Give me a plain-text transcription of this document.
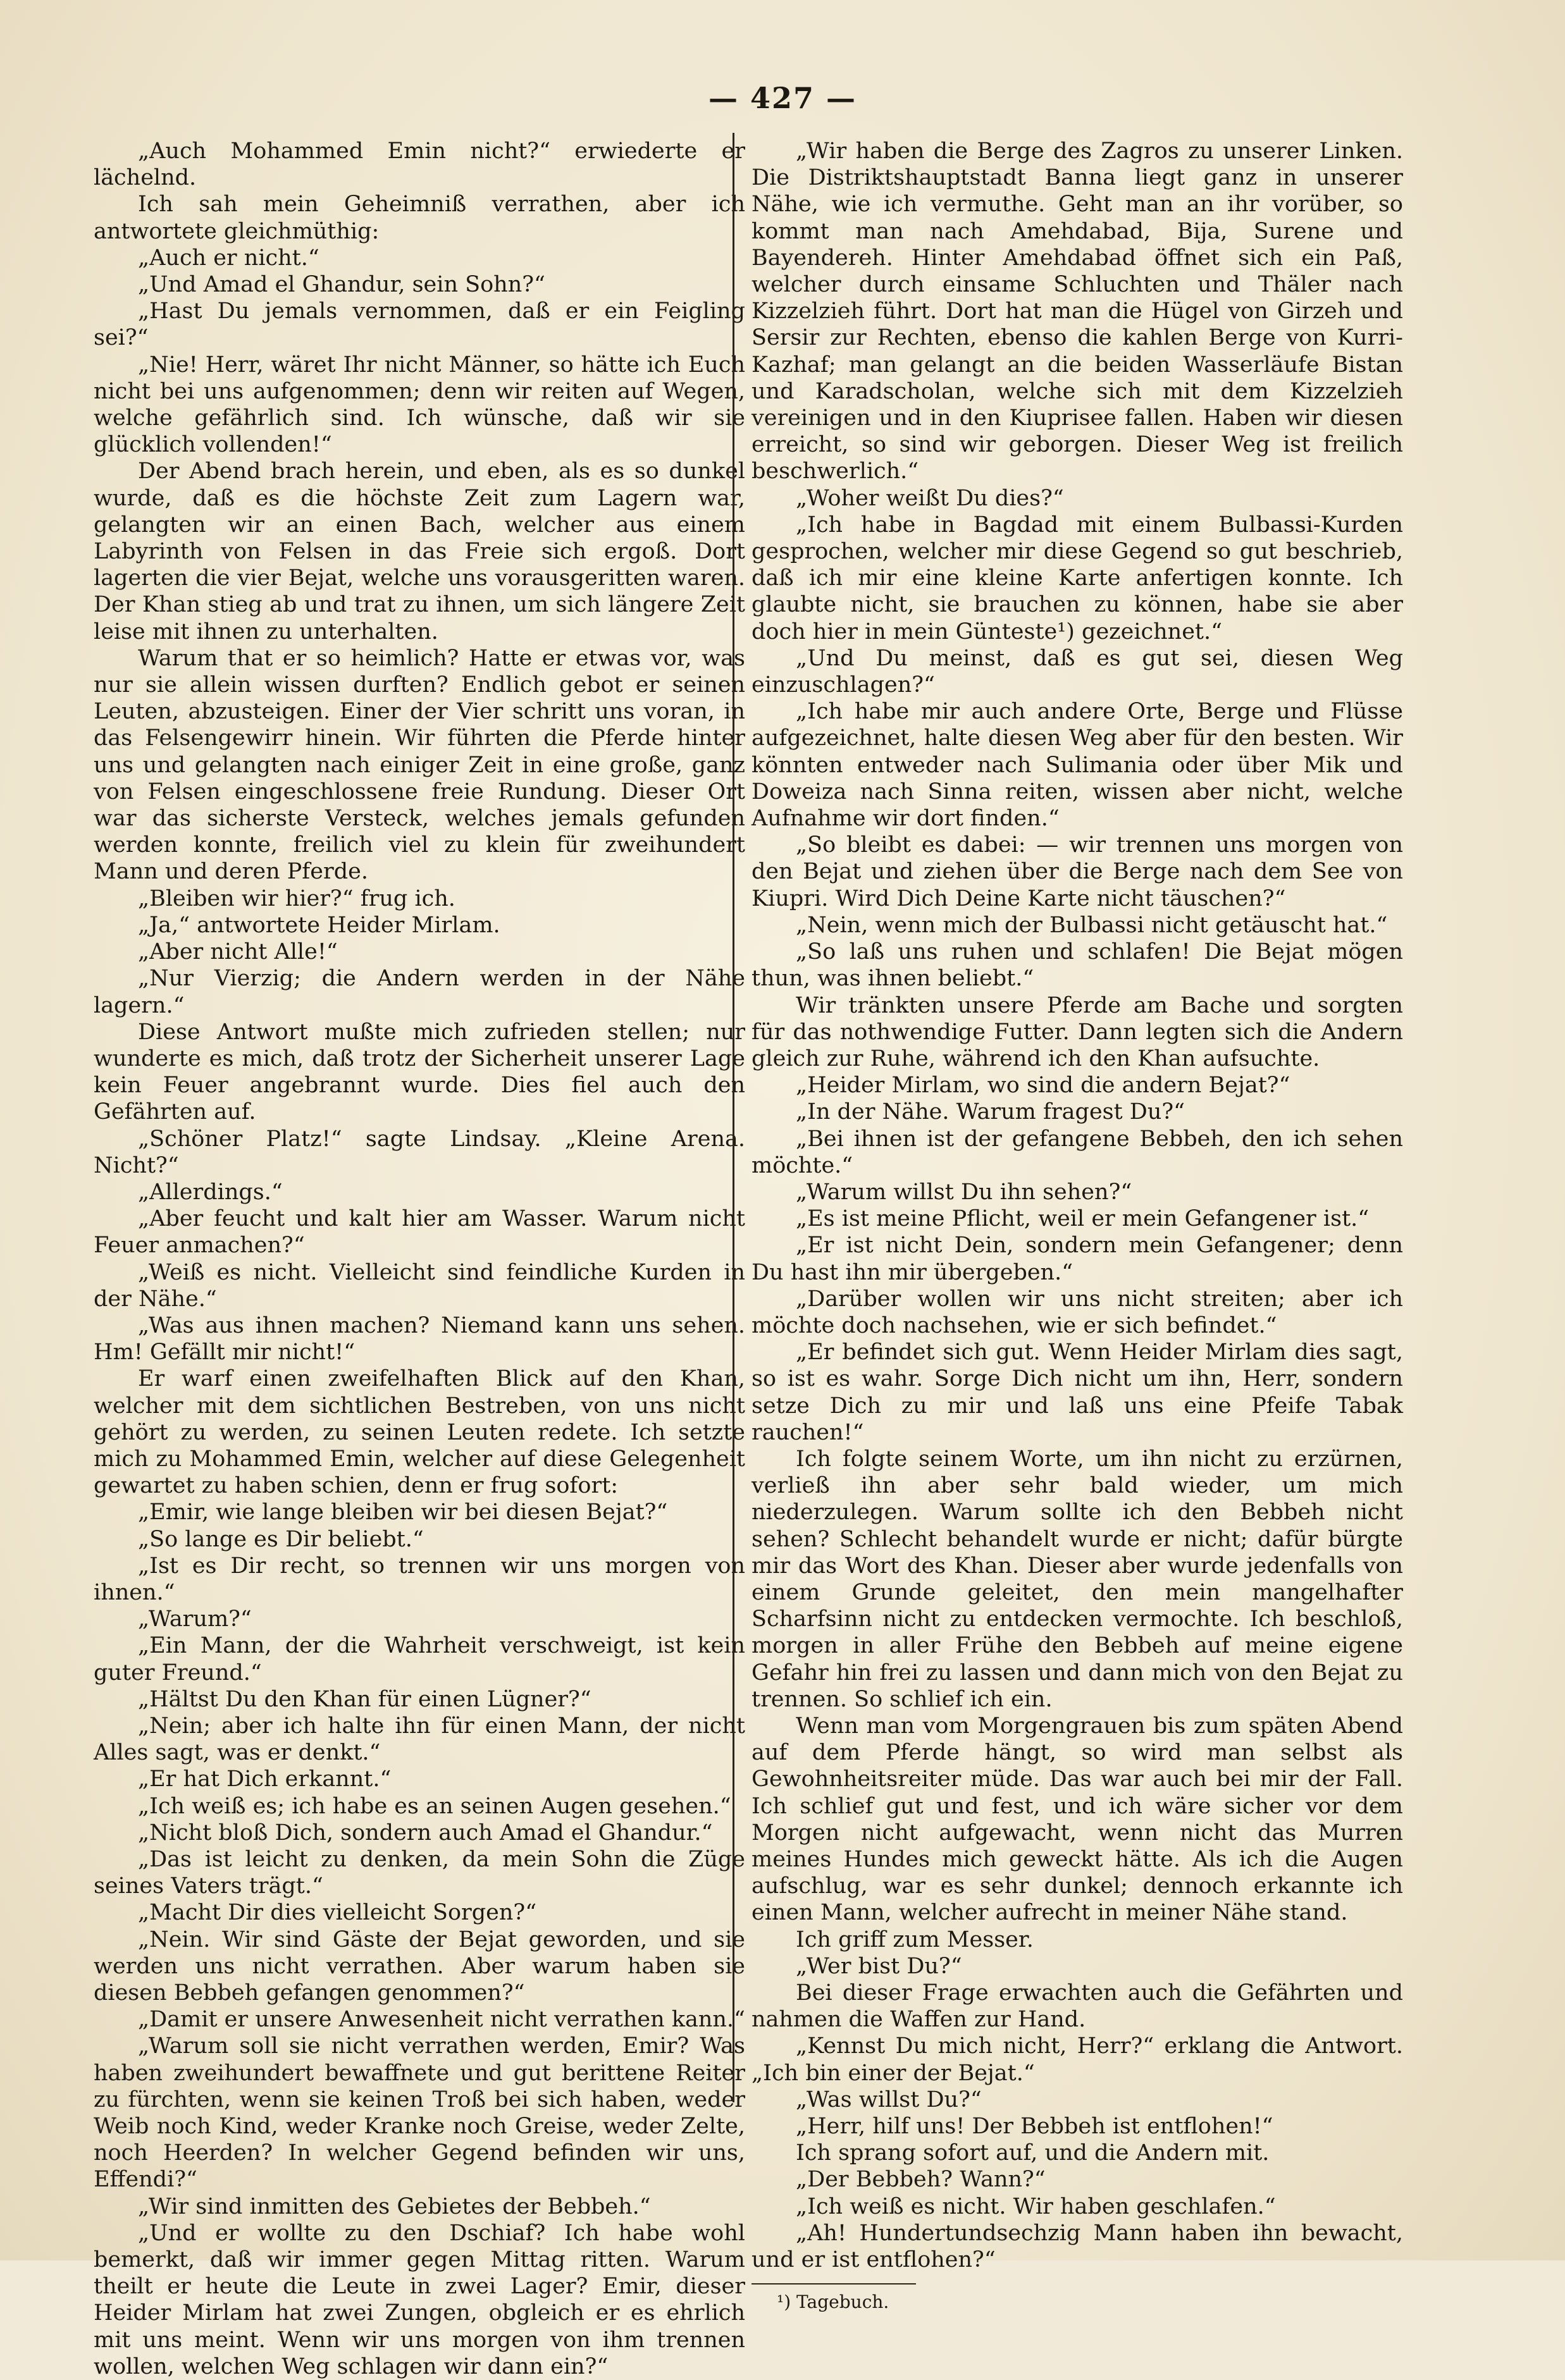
— 427 —

„Auch Mohammed Emin nicht?“ erwiederte er lächelnd.

Ich sah mein Geheimniß verrathen, aber ich antwortete gleichmüthig:

„Auch er nicht.“

„Und Amad el Ghandur, sein Sohn?“

„Hast Du jemals vernommen, daß er ein Feigling sei?“

„Nie! Herr, wäret Ihr nicht Männer, so hätte ich Euch nicht bei uns aufgenommen; denn wir reiten auf Wegen, welche gefährlich sind. Ich wünsche, daß wir sie glücklich vollenden!“

Der Abend brach herein, und eben, als es so dunkel wurde, daß es die höchste Zeit zum Lagern war, gelangten wir an einen Bach, welcher aus einem Labyrinth von Felsen in das Freie sich ergoß. Dort lagerten die vier Bejat, welche uns vorausgeritten waren. Der Khan stieg ab und trat zu ihnen, um sich längere Zeit leise mit ihnen zu unterhalten.

Warum that er so heimlich? Hatte er etwas vor, was nur sie allein wissen durften? Endlich gebot er seinen Leuten, abzusteigen. Einer der Vier schritt uns voran, in das Felsengewirr hinein. Wir führten die Pferde hinter uns und gelangten nach einiger Zeit in eine große, ganz von Felsen eingeschlossene freie Rundung. Dieser Ort war das sicherste Versteck, welches jemals gefunden werden konnte, freilich viel zu klein für zweihundert Mann und deren Pferde.

„Bleiben wir hier?“ frug ich.

„Ja,“ antwortete Heider Mirlam.

„Aber nicht Alle!“

„Nur Vierzig; die Andern werden in der Nähe lagern.“

Diese Antwort mußte mich zufrieden stellen; nur wunderte es mich, daß trotz der Sicherheit unserer Lage kein Feuer angebrannt wurde. Dies fiel auch den Gefährten auf.

„Schöner Platz!“ sagte Lindsay. „Kleine Arena. Nicht?“

„Allerdings.“

„Aber feucht und kalt hier am Wasser. Warum nicht Feuer anmachen?“

„Weiß es nicht. Vielleicht sind feindliche Kurden in der Nähe.“

„Was aus ihnen machen? Niemand kann uns sehen. Hm! Gefällt mir nicht!“

Er warf einen zweifelhaften Blick auf den Khan, welcher mit dem sichtlichen Bestreben, von uns nicht gehört zu werden, zu seinen Leuten redete. Ich setzte mich zu Mohammed Emin, welcher auf diese Gelegenheit gewartet zu haben schien, denn er frug sofort:

„Emir, wie lange bleiben wir bei diesen Bejat?“

„So lange es Dir beliebt.“

„Ist es Dir recht, so trennen wir uns morgen von ihnen.“

„Warum?“

„Ein Mann, der die Wahrheit verschweigt, ist kein guter Freund.“

„Hältst Du den Khan für einen Lügner?“

„Nein; aber ich halte ihn für einen Mann, der nicht Alles sagt, was er denkt.“

„Er hat Dich erkannt.“

„Ich weiß es; ich habe es an seinen Augen gesehen.“

„Nicht bloß Dich, sondern auch Amad el Ghandur.“

„Das ist leicht zu denken, da mein Sohn die Züge seines Vaters trägt.“

„Macht Dir dies vielleicht Sorgen?“

„Nein. Wir sind Gäste der Bejat geworden, und sie werden uns nicht verrathen. Aber warum haben sie diesen Bebbeh gefangen genommen?“

„Damit er unsere Anwesenheit nicht verrathen kann.“

„Warum soll sie nicht verrathen werden, Emir? Was haben zweihundert bewaffnete und gut berittene Reiter zu fürchten, wenn sie keinen Troß bei sich haben, weder Weib noch Kind, weder Kranke noch Greise, weder Zelte, noch Heerden? In welcher Gegend befinden wir uns, Effendi?“

„Wir sind inmitten des Gebietes der Bebbeh.“

„Und er wollte zu den Dschiaf? Ich habe wohl bemerkt, daß wir immer gegen Mittag ritten. Warum theilt er heute die Leute in zwei Lager? Emir, dieser Heider Mirlam hat zwei Zungen, obgleich er es ehrlich mit uns meint. Wenn wir uns morgen von ihm trennen wollen, welchen Weg schlagen wir dann ein?“

„Wir haben die Berge des Zagros zu unserer Linken. Die Distriktshauptstadt Banna liegt ganz in unserer Nähe, wie ich vermuthe. Geht man an ihr vorüber, so kommt man nach Amehdabad, Bija, Surene und Bayendereh. Hinter Amehdabad öffnet sich ein Paß, welcher durch einsame Schluchten und Thäler nach Kizzelzieh führt. Dort hat man die Hügel von Girzeh und Sersir zur Rechten, ebenso die kahlen Berge von Kurri-Kazhaf; man gelangt an die beiden Wasserläufe Bistan und Karadscholan, welche sich mit dem Kizzelzieh vereinigen und in den Kiuprisee fallen. Haben wir diesen erreicht, so sind wir geborgen. Dieser Weg ist freilich beschwerlich.“

„Woher weißt Du dies?“

„Ich habe in Bagdad mit einem Bulbassi-Kurden gesprochen, welcher mir diese Gegend so gut beschrieb, daß ich mir eine kleine Karte anfertigen konnte. Ich glaubte nicht, sie brauchen zu können, habe sie aber doch hier in mein Günteste¹) gezeichnet.“

„Und Du meinst, daß es gut sei, diesen Weg einzuschlagen?“

„Ich habe mir auch andere Orte, Berge und Flüsse aufgezeichnet, halte diesen Weg aber für den besten. Wir könnten entweder nach Sulimania oder über Mik und Doweiza nach Sinna reiten, wissen aber nicht, welche Aufnahme wir dort finden.“

„So bleibt es dabei: — wir trennen uns morgen von den Bejat und ziehen über die Berge nach dem See von Kiupri. Wird Dich Deine Karte nicht täuschen?“

„Nein, wenn mich der Bulbassi nicht getäuscht hat.“

„So laß uns ruhen und schlafen! Die Bejat mögen thun, was ihnen beliebt.“

Wir tränkten unsere Pferde am Bache und sorgten für das nothwendige Futter. Dann legten sich die Andern gleich zur Ruhe, während ich den Khan aufsuchte.

„Heider Mirlam, wo sind die andern Bejat?“

„In der Nähe. Warum fragest Du?“

„Bei ihnen ist der gefangene Bebbeh, den ich sehen möchte.“

„Warum willst Du ihn sehen?“

„Es ist meine Pflicht, weil er mein Gefangener ist.“

„Er ist nicht Dein, sondern mein Gefangener; denn Du hast ihn mir übergeben.“

„Darüber wollen wir uns nicht streiten; aber ich möchte doch nachsehen, wie er sich befindet.“

„Er befindet sich gut. Wenn Heider Mirlam dies sagt, so ist es wahr. Sorge Dich nicht um ihn, Herr, sondern setze Dich zu mir und laß uns eine Pfeife Tabak rauchen!“

Ich folgte seinem Worte, um ihn nicht zu erzürnen, verließ ihn aber sehr bald wieder, um mich niederzulegen. Warum sollte ich den Bebbeh nicht sehen? Schlecht behandelt wurde er nicht; dafür bürgte mir das Wort des Khan. Dieser aber wurde jedenfalls von einem Grunde geleitet, den mein mangelhafter Scharfsinn nicht zu entdecken vermochte. Ich beschloß, morgen in aller Frühe den Bebbeh auf meine eigene Gefahr hin frei zu lassen und dann mich von den Bejat zu trennen. So schlief ich ein.

Wenn man vom Morgengrauen bis zum späten Abend auf dem Pferde hängt, so wird man selbst als Gewohnheitsreiter müde. Das war auch bei mir der Fall. Ich schlief gut und fest, und ich wäre sicher vor dem Morgen nicht aufgewacht, wenn nicht das Murren meines Hundes mich geweckt hätte. Als ich die Augen aufschlug, war es sehr dunkel; dennoch erkannte ich einen Mann, welcher aufrecht in meiner Nähe stand.

Ich griff zum Messer.

„Wer bist Du?“

Bei dieser Frage erwachten auch die Gefährten und nahmen die Waffen zur Hand.

„Kennst Du mich nicht, Herr?“ erklang die Antwort. „Ich bin einer der Bejat.“

„Was willst Du?“

„Herr, hilf uns! Der Bebbeh ist entflohen!“

Ich sprang sofort auf, und die Andern mit.

„Der Bebbeh? Wann?“

„Ich weiß es nicht. Wir haben geschlafen.“

„Ah! Hundertundsechzig Mann haben ihn bewacht, und er ist entflohen?“

¹) Tagebuch.
